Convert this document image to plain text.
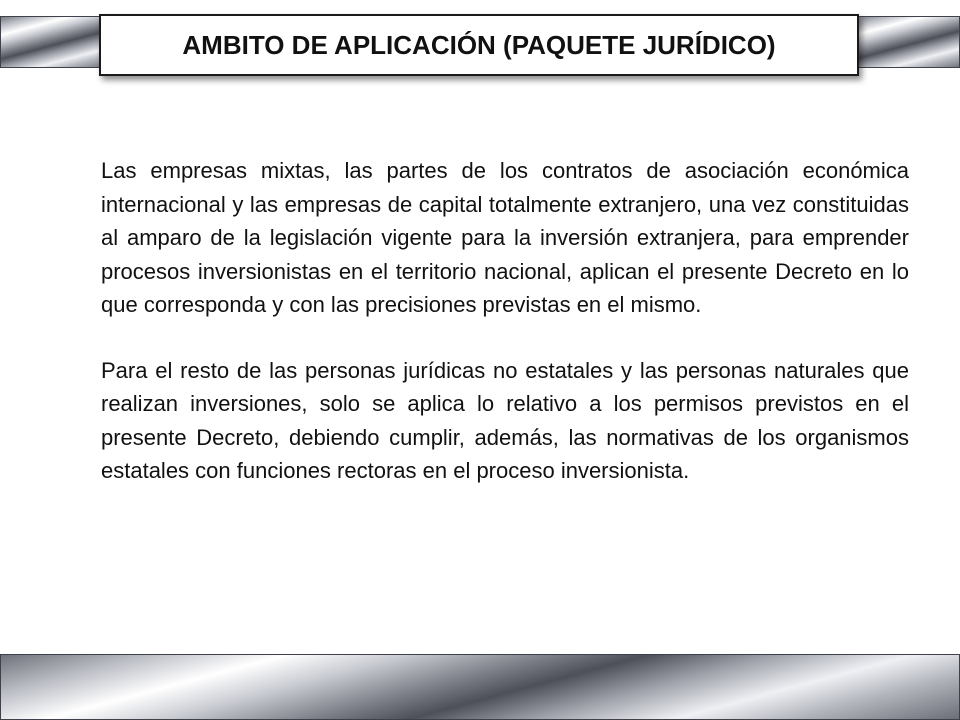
AMBITO DE APLICACIÓN (PAQUETE JURÍDICO)

Las empresas mixtas, las partes de los contratos de asociación económica internacional y las empresas de capital totalmente extranjero, una vez constituidas al amparo de la legislación vigente para la inversión extranjera, para emprender procesos inversionistas en el territorio nacional, aplican el presente Decreto en lo que corresponda y con las precisiones previstas en el mismo.

Para el resto de las personas jurídicas no estatales y las personas naturales que realizan inversiones, solo se aplica lo relativo a los permisos previstos en el presente Decreto, debiendo cumplir, además, las normativas de los organismos estatales con funciones rectoras en el proceso inversionista.
